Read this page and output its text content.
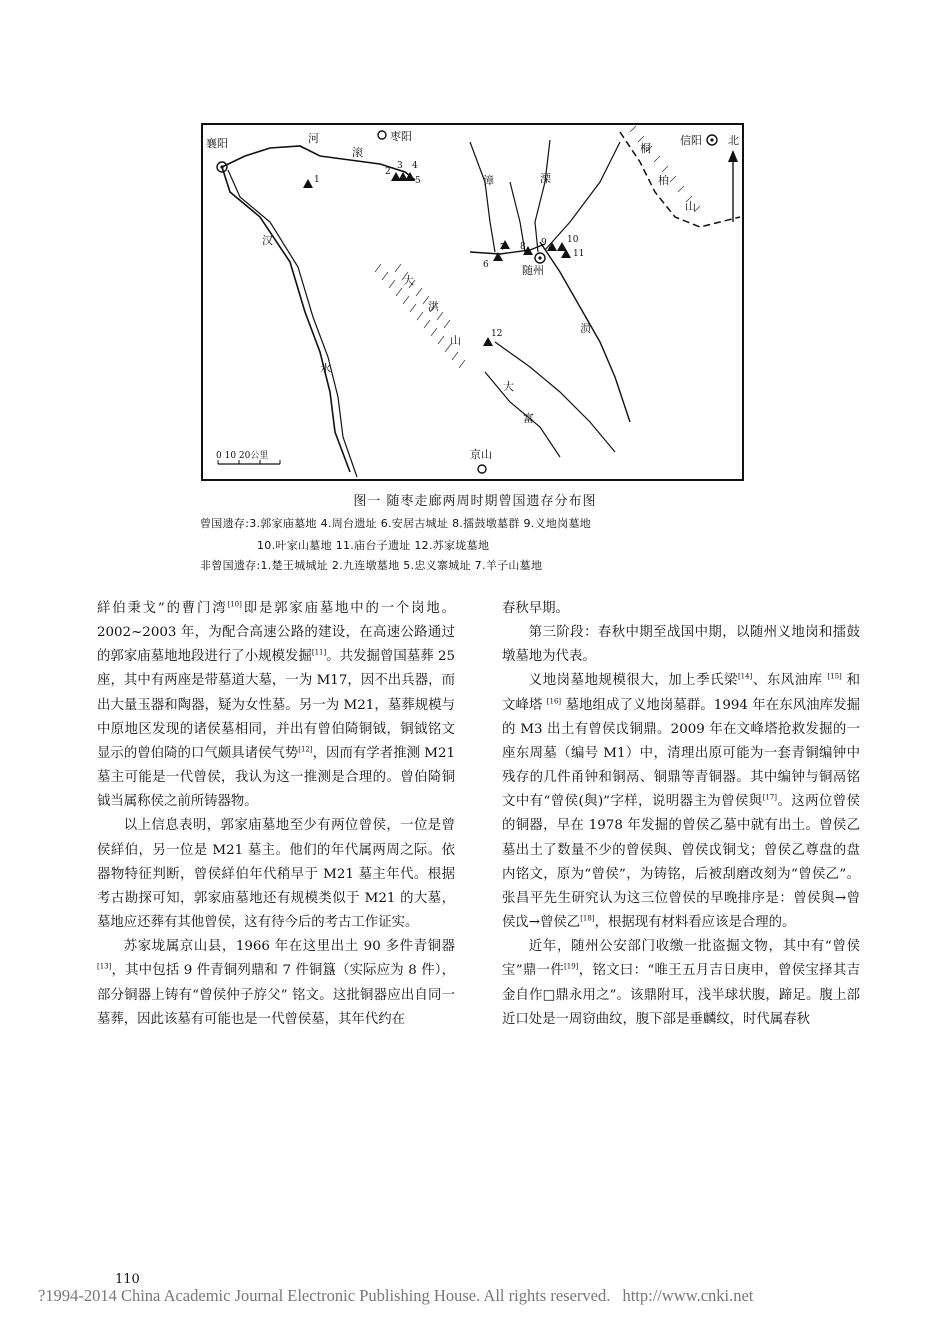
襄阳
枣阳	信阳
随州
京山
北
河
滚
汉
水
涢
漳	溧
大
富
桐
柏
山
大
洪
山
1
2
3 4
5
6
7 8 9 10
11
12
0 10 20公里
图一 随枣走廊两周时期曾国遗存分布图
曾国遗存:3.郭家庙墓地 4.周台遗址 6.安居古城址 8.擂鼓墩墓群 9.义地岗墓地
10.叶家山墓地 11.庙台子遗址 12.苏家垅墓地
非曾国遗存:1.楚王城城址 2.九连墩墓地 5.忠义寨城址 7.羊子山墓地

絴伯秉戈”的曹门湾[10]即是郭家庙墓地中的一个岗地。2002~2003 年，为配合高速公路的建设，在高速公路通过的郭家庙墓地地段进行了小规模发掘[11]。共发掘曾国墓葬 25 座，其中有两座是带墓道大墓，一为 M17，因不出兵器，而出大量玉器和陶器，疑为女性墓。另一为 M21，墓葬规模与中原地区发现的诸侯墓相同，并出有曾伯陭铜钺，铜钺铭文显示的曾伯陭的口气颇具诸侯气势[12]，因而有学者推测 M21 墓主可能是一代曾侯，我认为这一推测是合理的。曾伯陭铜钺当属称侯之前所铸器物。

以上信息表明，郭家庙墓地至少有两位曾侯，一位是曾侯絴伯，另一位是 M21 墓主。他们的年代属两周之际。依器物特征判断，曾侯絴伯年代稍早于 M21 墓主年代。根据考古勘探可知，郭家庙墓地还有规模类似于 M21 的大墓，墓地应还葬有其他曾侯，这有待今后的考古工作证实。

苏家垅属京山县，1966 年在这里出土 90 多件青铜器[13]，其中包括 9 件青铜列鼎和 7 件铜簋（实际应为 8 件），部分铜器上铸有“曾侯仲子斿父” 铭文。这批铜器应出自同一墓葬，因此该墓有可能也是一代曾侯墓，其年代约在

春秋早期。

第三阶段：春秋中期至战国中期，以随州义地岗和擂鼓墩墓地为代表。

义地岗墓地规模很大，加上季氏梁[14]、东风油库 [15] 和文峰塔 [16] 墓地组成了义地岗墓群。1994 年在东风油库发掘的 M3 出土有曾侯戉铜鼎。2009 年在文峰塔抢救发掘的一座东周墓（编号 M1）中，清理出原可能为一套青铜编钟中残存的几件甬钟和铜鬲、铜鼎等青铜器。其中编钟与铜鬲铭文中有“曾侯(與)”字样，说明器主为曾侯與[17]。这两位曾侯的铜器，早在 1978 年发掘的曾侯乙墓中就有出土。曾侯乙墓出土了数量不少的曾侯與、曾侯戉铜戈；曾侯乙尊盘的盘内铭文，原为“曾侯”，为铸铭，后被刮磨改刻为“曾侯乙”。张昌平先生研究认为这三位曾侯的早晚排序是：曾侯與→曾侯戉→曾侯乙[18]，根据现有材料看应该是合理的。

近年，随州公安部门收缴一批盗掘文物，其中有“曾侯宝”鼎一件[19]，铭文曰：“唯王五月吉日庚申，曾侯宝择其吉金自作□鼎永用之”。该鼎附耳，浅半球状腹，蹄足。腹上部近口处是一周窃曲纹，腹下部是垂麟纹，时代属春秋

110
?1994-2014 China Academic Journal Electronic Publishing House. All rights reserved. http://www.cnki.net
